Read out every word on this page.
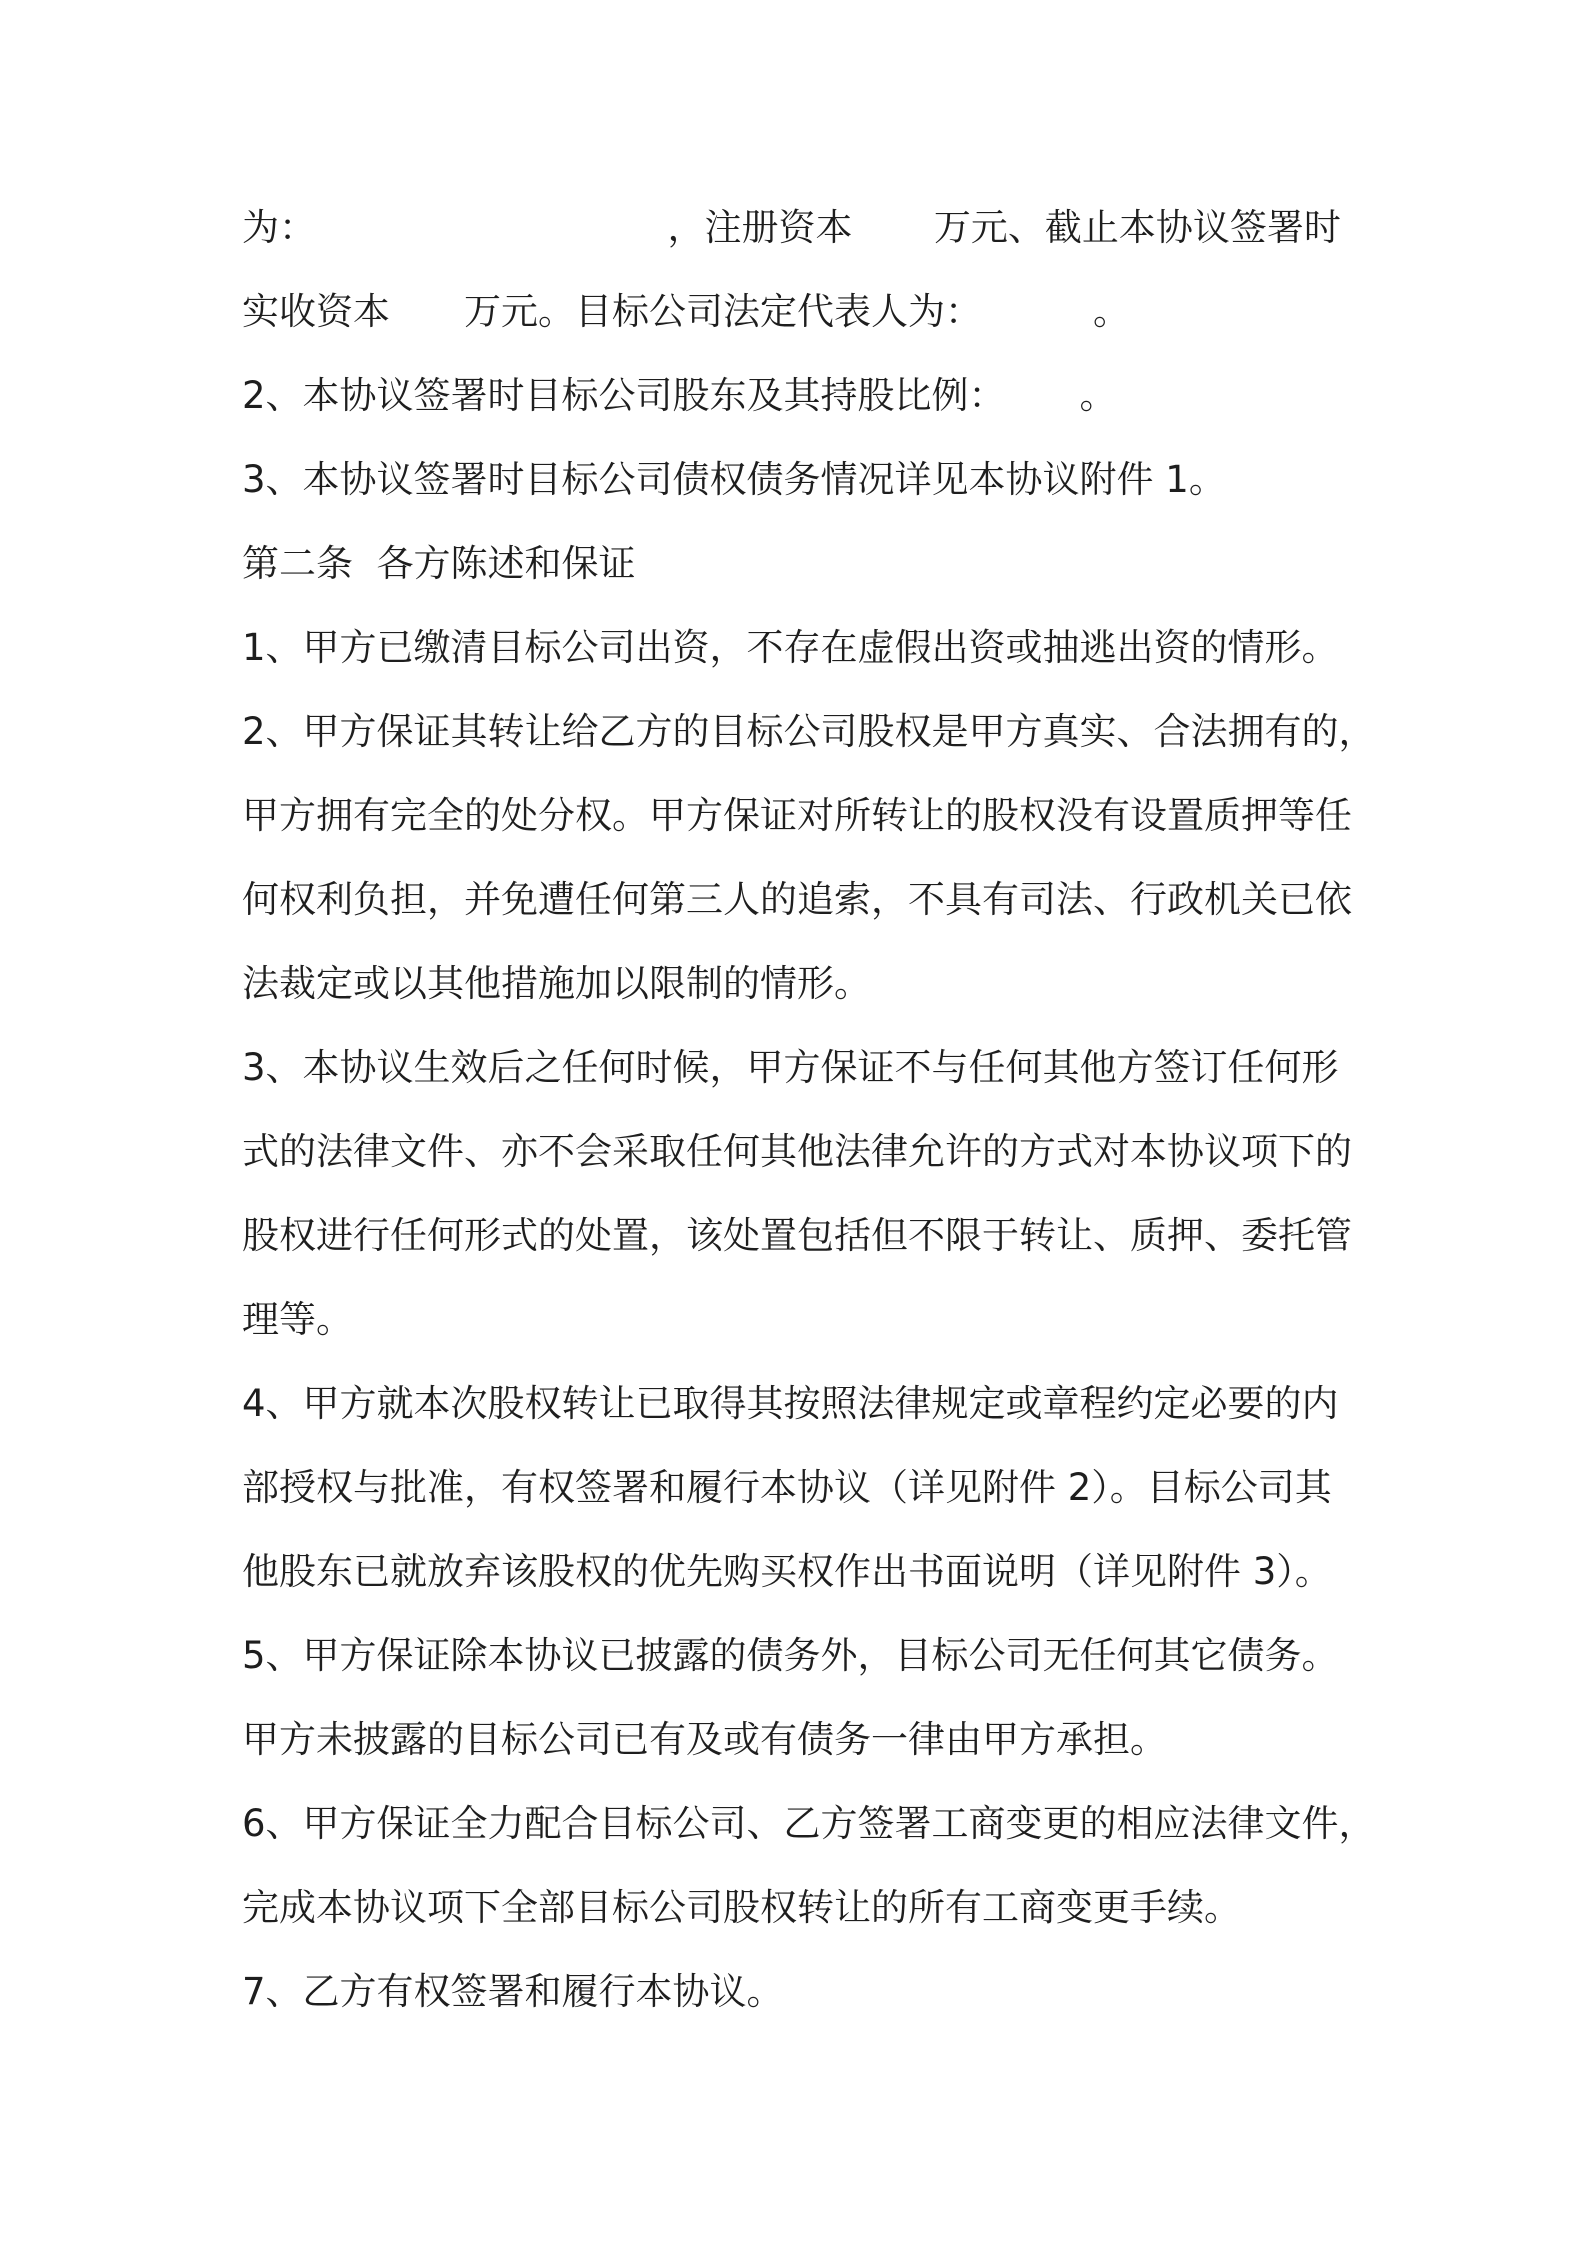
为：	，注册资本 万元、截止本协议签署时
实收资本 万元。目标公司法定代表人为：	。
2、本协议签署时目标公司股东及其持股比例： 。
3、本协议签署时目标公司债权债务情况详见本协议附件 1。
第二条  各方陈述和保证
1、甲方已缴清目标公司出资，不存在虚假出资或抽逃出资的情形。
2、甲方保证其转让给乙方的目标公司股权是甲方真实、合法拥有的，
甲方拥有完全的处分权。甲方保证对所转让的股权没有设置质押等任
何权利负担，并免遭任何第三人的追索，不具有司法、行政机关已依
法裁定或以其他措施加以限制的情形。
3、本协议生效后之任何时候，甲方保证不与任何其他方签订任何形
式的法律文件、亦不会采取任何其他法律允许的方式对本协议项下的
股权进行任何形式的处置，该处置包括但不限于转让、质押、委托管
理等。
4、甲方就本次股权转让已取得其按照法律规定或章程约定必要的内
部授权与批准，有权签署和履行本协议（详见附件 2）。目标公司其
他股东已就放弃该股权的优先购买权作出书面说明（详见附件 3）。
5、甲方保证除本协议已披露的债务外，目标公司无任何其它债务。
甲方未披露的目标公司已有及或有债务一律由甲方承担。
6、甲方保证全力配合目标公司、乙方签署工商变更的相应法律文件，
完成本协议项下全部目标公司股权转让的所有工商变更手续。
7、乙方有权签署和履行本协议。
